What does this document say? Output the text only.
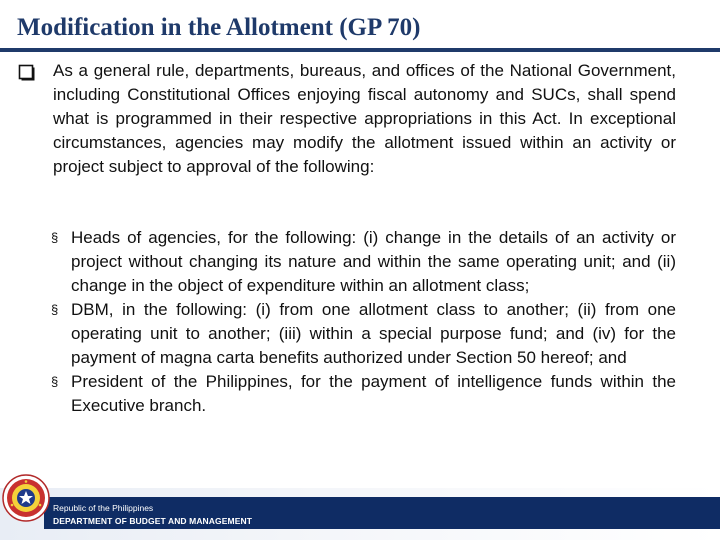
Modification in the Allotment (GP 70)

As a general rule, departments, bureaus, and offices of the National Government, including Constitutional Offices enjoying fiscal autonomy and SUCs, shall spend what is programmed in their respective appropriations in this Act. In exceptional circumstances, agencies may modify the allotment issued within an activity or project subject to approval of the following:

§ Heads of agencies, for the following: (i) change in the details of an activity or project without changing its nature and within the same operating unit; and (ii) change in the object of expenditure within an allotment class;
§ DBM, in the following: (i) from one allotment class to another; (ii) from one operating unit to another; (iii) within a special purpose fund; and (iv) for the payment of magna carta benefits authorized under Section 50 hereof; and
§ President of the Philippines, for the payment of intelligence funds within the Executive branch.
Republic of the Philippines
DEPARTMENT OF BUDGET AND MANAGEMENT
